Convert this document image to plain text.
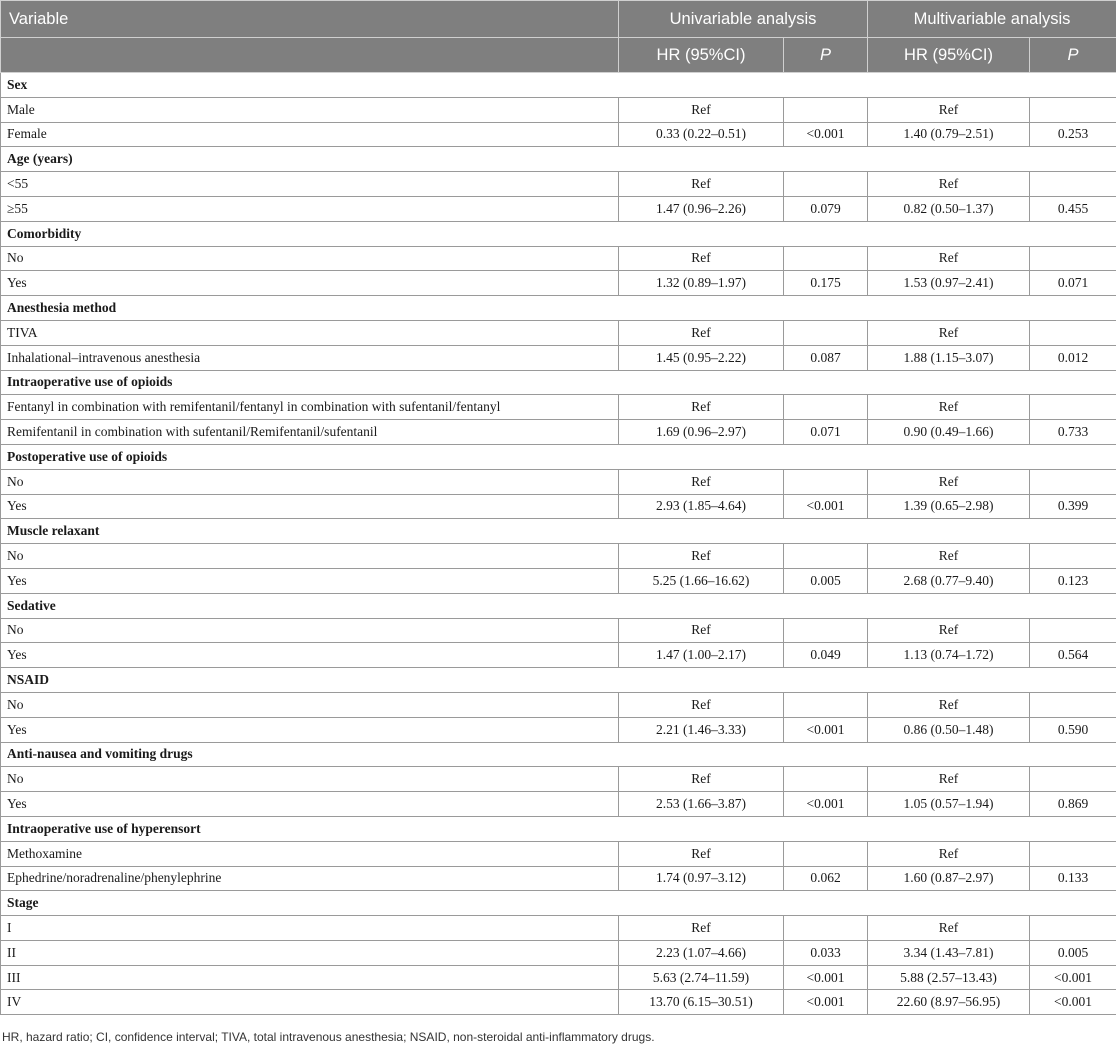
Variable	Univariable analysis		Multivariable analysis	
	HR (95%CI)	P	HR (95%CI)	P
Sex				
Male	Ref		Ref	
Female	0.33 (0.22–0.51)	<0.001	1.40 (0.79–2.51)	0.253
Age (years)				
<55	Ref		Ref	
≥55	1.47 (0.96–2.26)	0.079	0.82 (0.50–1.37)	0.455
Comorbidity				
No	Ref		Ref	
Yes	1.32 (0.89–1.97)	0.175	1.53 (0.97–2.41)	0.071
Anesthesia method				
TIVA	Ref		Ref	
Inhalational–intravenous anesthesia	1.45 (0.95–2.22)	0.087	1.88 (1.15–3.07)	0.012
Intraoperative use of opioids				
Fentanyl in combination with remifentanil/fentanyl in combination with sufentanil/fentanyl	Ref		Ref	
Remifentanil in combination with sufentanil/Remifentanil/sufentanil	1.69 (0.96–2.97)	0.071	0.90 (0.49–1.66)	0.733
Postoperative use of opioids				
No	Ref		Ref	
Yes	2.93 (1.85–4.64)	<0.001	1.39 (0.65–2.98)	0.399
Muscle relaxant				
No	Ref		Ref	
Yes	5.25 (1.66–16.62)	0.005	2.68 (0.77–9.40)	0.123
Sedative				
No	Ref		Ref	
Yes	1.47 (1.00–2.17)	0.049	1.13 (0.74–1.72)	0.564
NSAID				
No	Ref		Ref	
Yes	2.21 (1.46–3.33)	<0.001	0.86 (0.50–1.48)	0.590
Anti-nausea and vomiting drugs				
No	Ref		Ref	
Yes	2.53 (1.66–3.87)	<0.001	1.05 (0.57–1.94)	0.869
Intraoperative use of hyperensort				
Methoxamine	Ref		Ref	
Ephedrine/noradrenaline/phenylephrine	1.74 (0.97–3.12)	0.062	1.60 (0.87–2.97)	0.133
Stage				
I	Ref		Ref	
II	2.23 (1.07–4.66)	0.033	3.34 (1.43–7.81)	0.005
III	5.63 (2.74–11.59)	<0.001	5.88 (2.57–13.43)	<0.001
IV	13.70 (6.15–30.51)	<0.001	22.60 (8.97–56.95)	<0.001
HR, hazard ratio; CI, confidence interval; TIVA, total intravenous anesthesia; NSAID, non-steroidal anti-inflammatory drugs.
